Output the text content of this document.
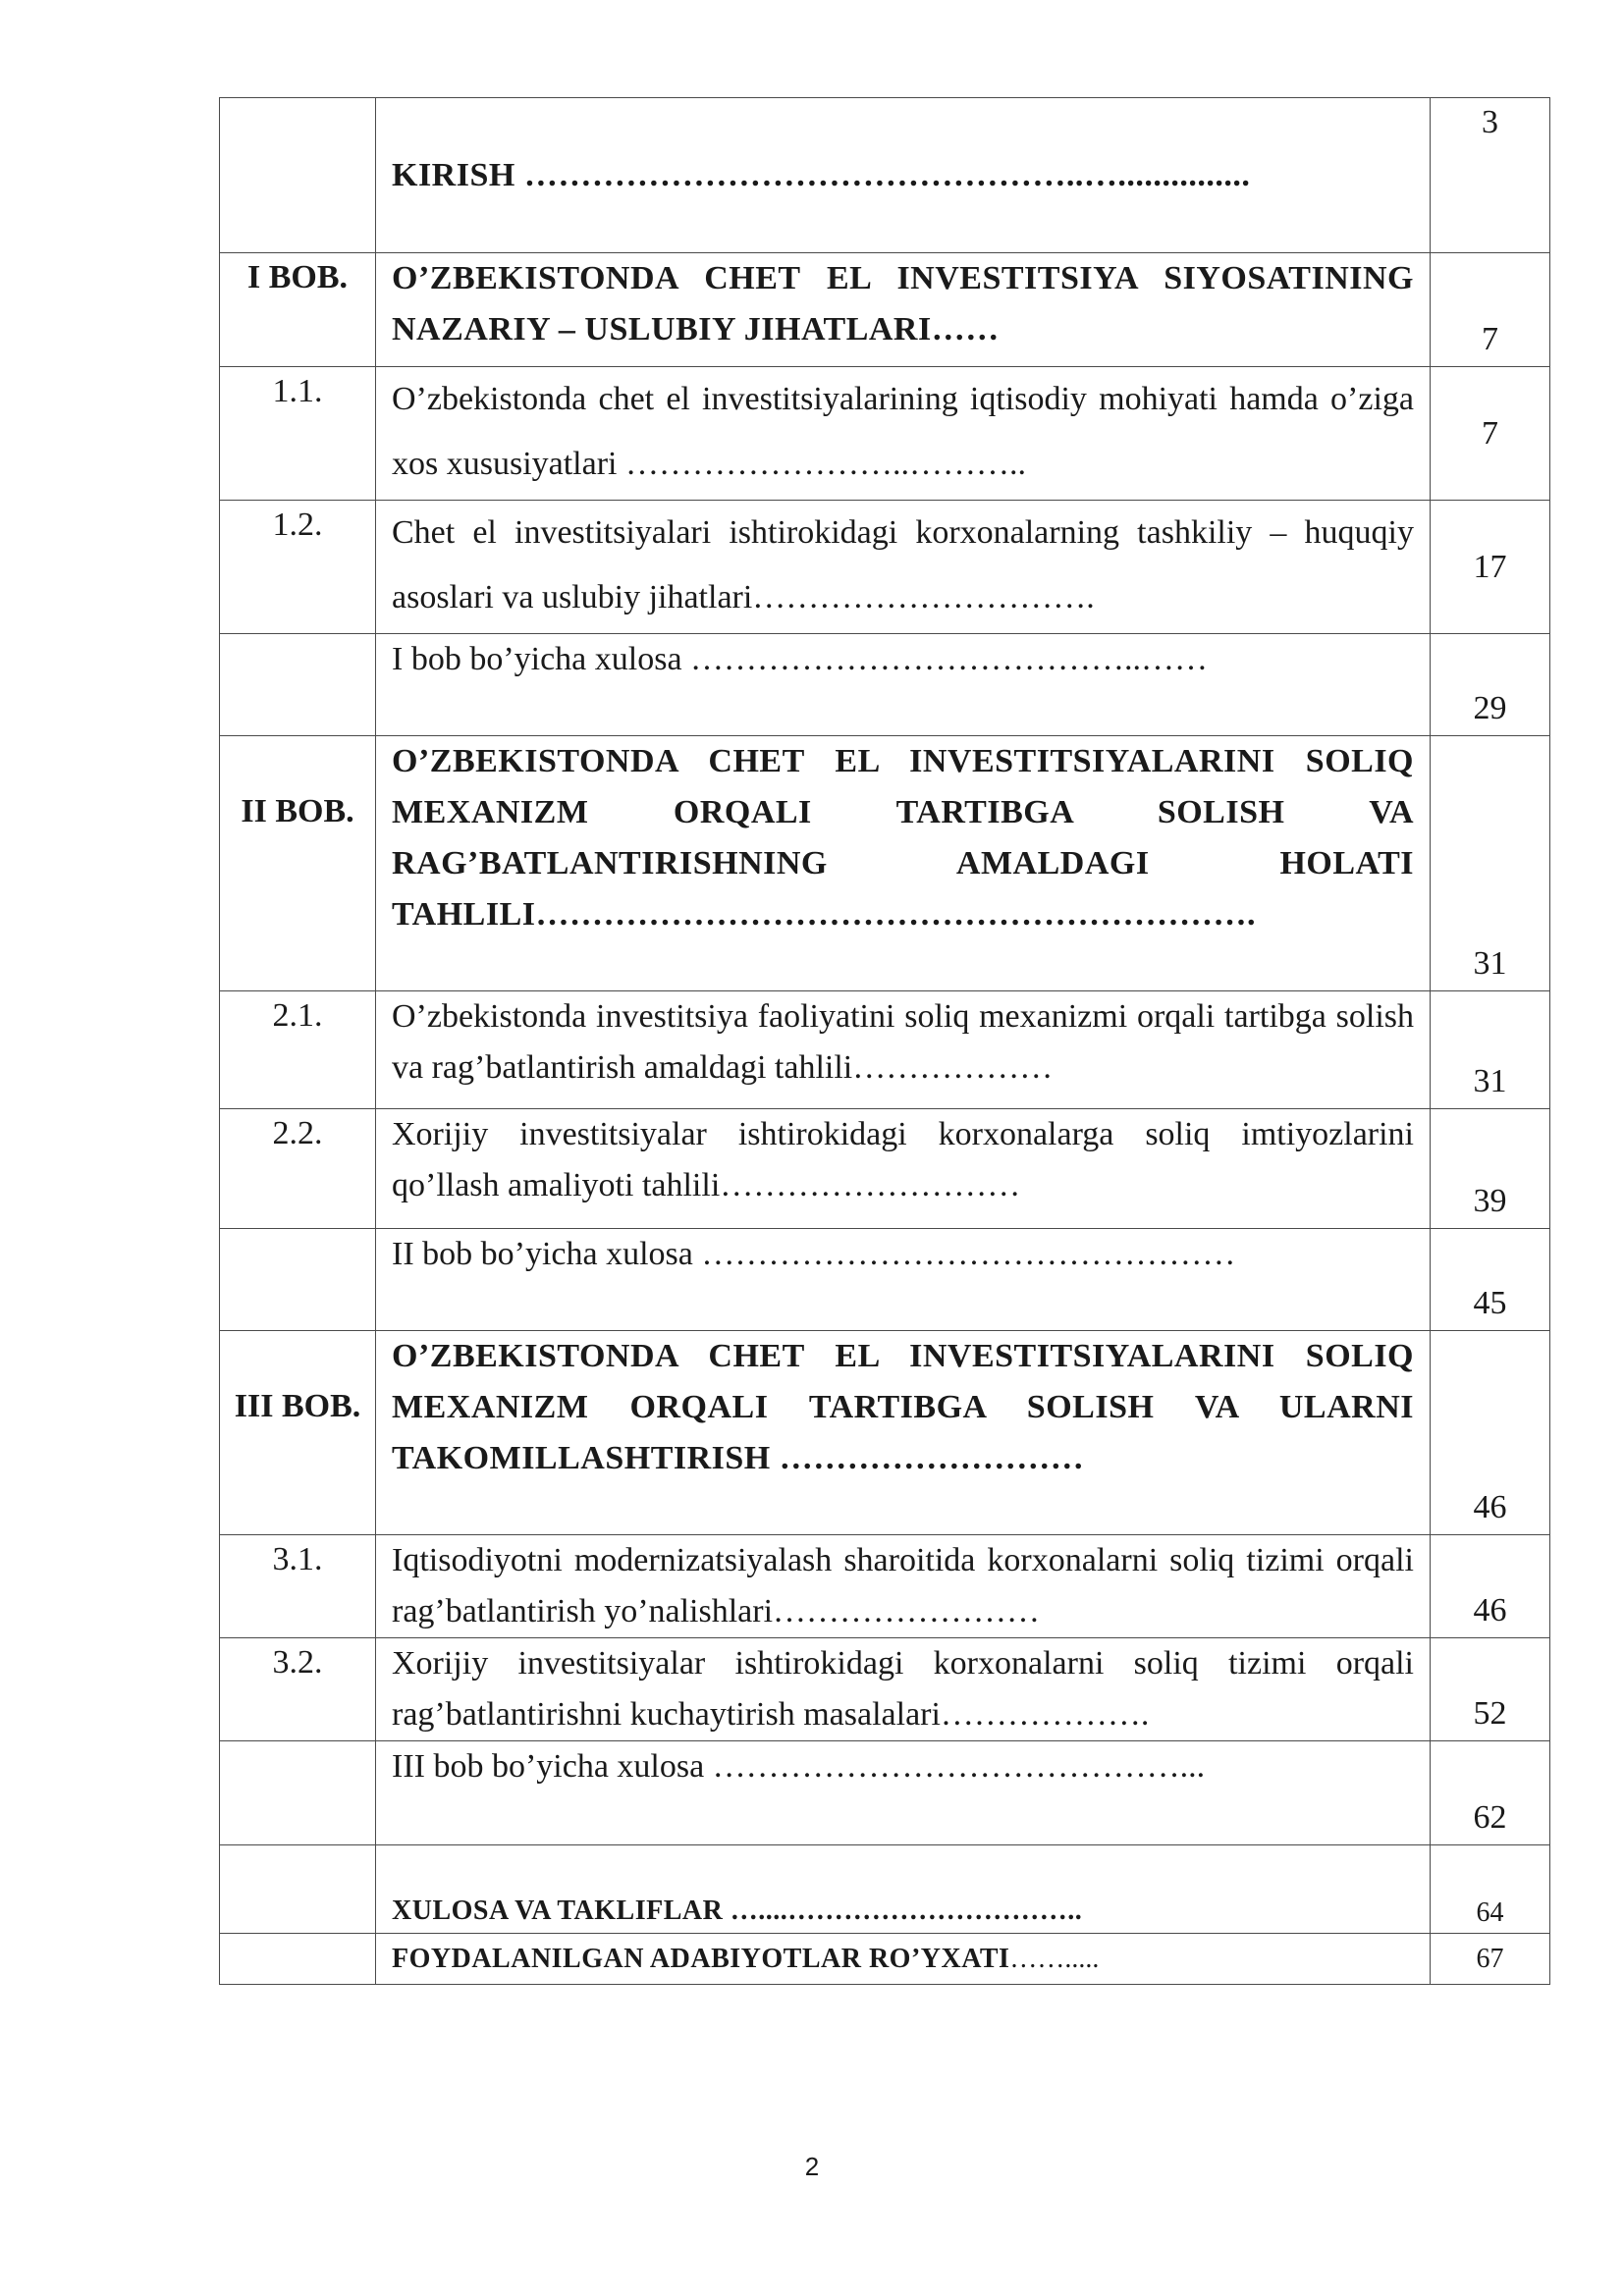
	KIRISH …………………………………………..…...............	3

I BOB.	O’ZBEKISTONDA CHET EL INVESTITSIYA SIYOSATINING NAZARIY – USLUBIY JIHATLARI……	7

1.1.	O’zbekistonda chet el investitsiyalarining iqtisodiy mohiyati hamda o’ziga xos xususiyatlari ……………………..………..	7

1.2.	Chet el investitsiyalari ishtirokidagi korxonalarning tashkiliy – huquqiy asoslari va uslubiy jihatlari………………………….	17

	I bob bo’yicha xulosa …………………………………..……	29

II BOB.	O’ZBEKISTONDA CHET EL INVESTITSIYALARINI SOLIQ MEXANIZM ORQALI TARTIBGA SOLISH VA RAG’BATLANTIRISHNING AMALDAGI HOLATI TAHLILI……………………………………………………….	31

2.1.	O’zbekistonda investitsiya faoliyatini soliq mexanizmi orqali tartibga solish va rag’batlantirish amaldagi tahlili………………	31

2.2.	Xorijiy investitsiyalar ishtirokidagi korxonalarga soliq imtiyozlarini qo’llash amaliyoti tahlili………………………	39

	II bob bo’yicha xulosa …………………………………………	45

III BOB.	O’ZBEKISTONDA CHET EL INVESTITSIYALARINI SOLIQ MEXANIZM ORQALI TARTIBGA SOLISH VA ULARNI TAKOMILLASHTIRISH ………………………	46

3.1.	Iqtisodiyotni modernizatsiyalash sharoitida korxonalarni soliq tizimi orqali rag’batlantirish yo’nalishlari……………………	46

3.2.	Xorijiy investitsiyalar ishtirokidagi korxonalarni soliq tizimi orqali rag’batlantirishni kuchaytirish masalalari……………….	52

	III bob bo’yicha xulosa ……………………………………...	62

	XULOSA VA TAKLIFLAR …....…………………………..	64

	FOYDALANILGAN ADABIYOTLAR RO’YXATI…….....	67
2
